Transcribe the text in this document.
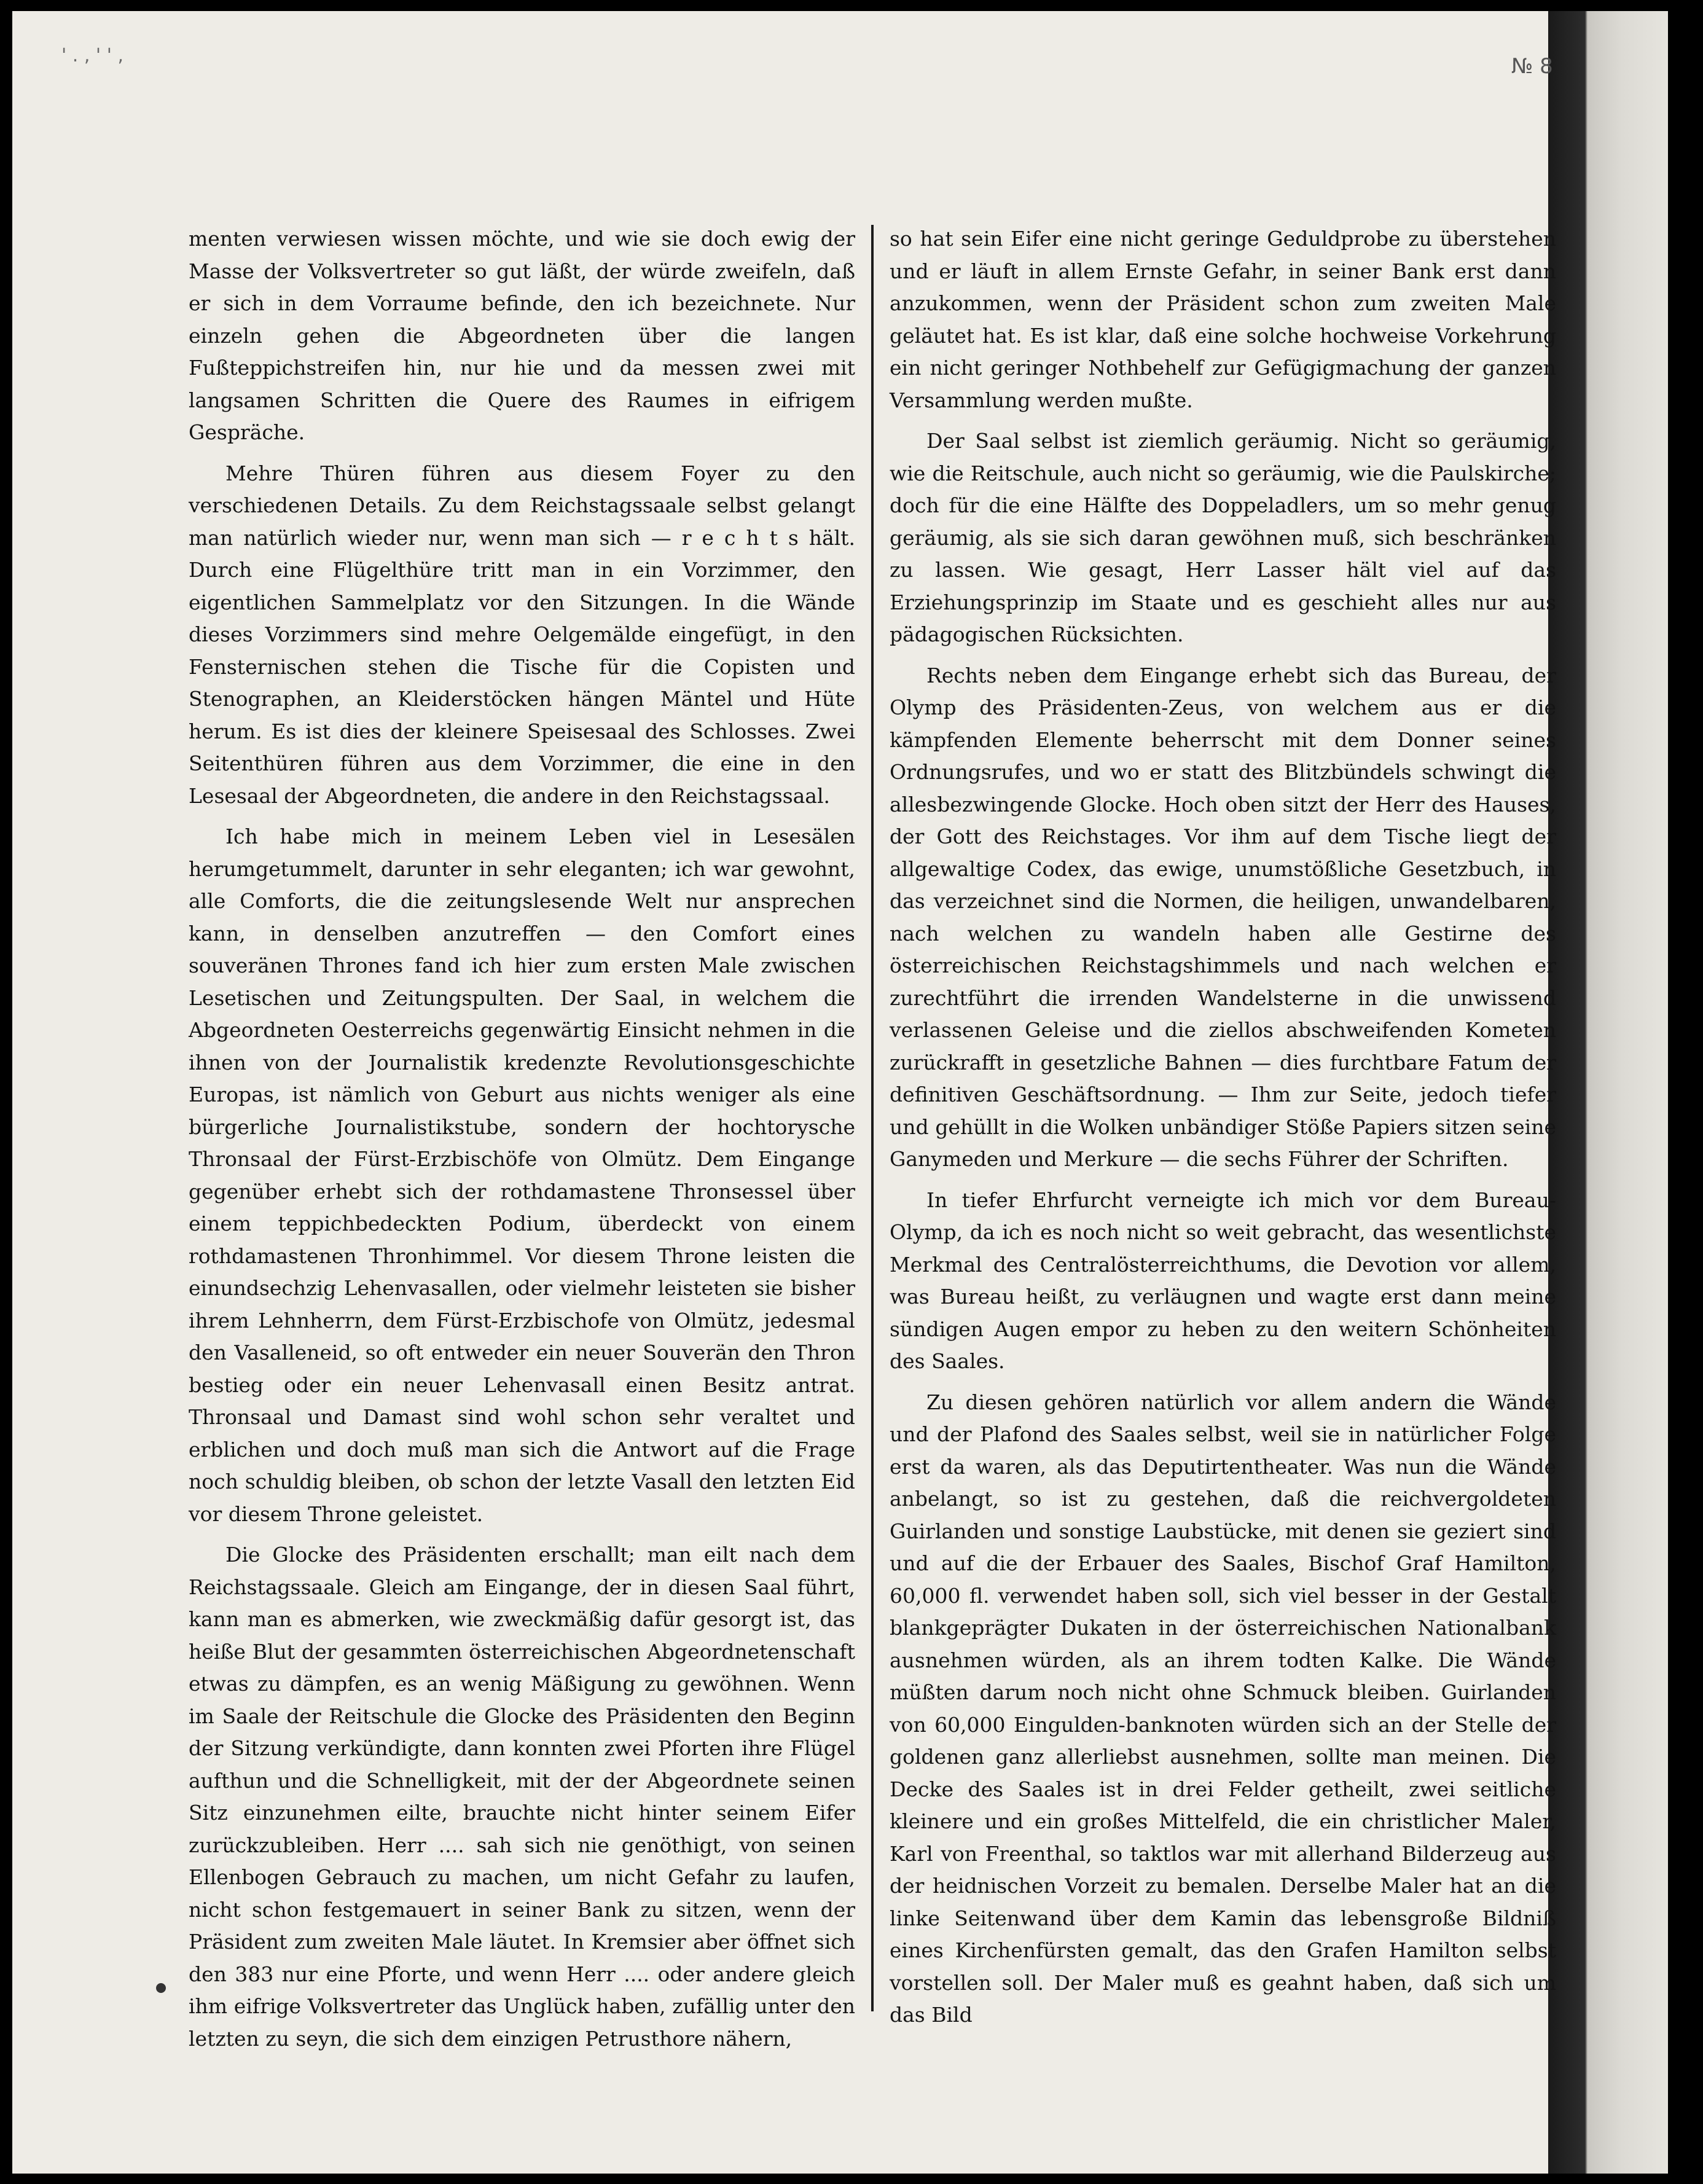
' . , ' ' ,	№ 8

menten verwiesen wissen möchte, und wie sie doch ewig der Masse der Volksvertreter so gut läßt, der würde zweifeln, daß er sich in dem Vorraume befinde, den ich bezeichnete. Nur einzeln gehen die Abgeordneten über die langen Fußteppichstreifen hin, nur hie und da messen zwei mit langsamen Schritten die Quere des Raumes in eifrigem Gespräche.

Mehre Thüren führen aus diesem Foyer zu den verschiedenen Details. Zu dem Reichstagssaale selbst gelangt man natürlich wieder nur, wenn man sich — r e c h t s hält. Durch eine Flügelthüre tritt man in ein Vorzimmer, den eigentlichen Sammelplatz vor den Sitzungen. In die Wände dieses Vorzimmers sind mehre Oelgemälde eingefügt, in den Fensternischen stehen die Tische für die Copisten und Stenographen, an Kleiderstöcken hängen Mäntel und Hüte herum. Es ist dies der kleinere Speisesaal des Schlosses. Zwei Seitenthüren führen aus dem Vorzimmer, die eine in den Lesesaal der Abgeordneten, die andere in den Reichstagssaal.

Ich habe mich in meinem Leben viel in Lesesälen herumgetummelt, darunter in sehr eleganten; ich war gewohnt, alle Comforts, die die zeitungslesende Welt nur ansprechen kann, in denselben anzutreffen — den Comfort eines souveränen Thrones fand ich hier zum ersten Male zwischen Lesetischen und Zeitungspulten. Der Saal, in welchem die Abgeordneten Oesterreichs gegenwärtig Einsicht nehmen in die ihnen von der Journalistik kredenzte Revolutionsgeschichte Europas, ist nämlich von Geburt aus nichts weniger als eine bürgerliche Journalistikstube, sondern der hochtorysche Thronsaal der Fürst-Erzbischöfe von Olmütz. Dem Eingange gegenüber erhebt sich der rothdamastene Thronsessel über einem teppichbedeckten Podium, überdeckt von einem rothdamastenen Thronhimmel. Vor diesem Throne leisten die einundsechzig Lehenvasallen, oder vielmehr leisteten sie bisher ihrem Lehnherrn, dem Fürst-Erzbischofe von Olmütz, jedesmal den Vasalleneid, so oft entweder ein neuer Souverän den Thron bestieg oder ein neuer Lehenvasall einen Besitz antrat. Thronsaal und Damast sind wohl schon sehr veraltet und erblichen und doch muß man sich die Antwort auf die Frage noch schuldig bleiben, ob schon der letzte Vasall den letzten Eid vor diesem Throne geleistet.

Die Glocke des Präsidenten erschallt; man eilt nach dem Reichstagssaale. Gleich am Eingange, der in diesen Saal führt, kann man es abmerken, wie zweckmäßig dafür gesorgt ist, das heiße Blut der gesammten österreichischen Abgeordnetenschaft etwas zu dämpfen, es an wenig Mäßigung zu gewöhnen. Wenn im Saale der Reitschule die Glocke des Präsidenten den Beginn der Sitzung verkündigte, dann konnten zwei Pforten ihre Flügel aufthun und die Schnelligkeit, mit der der Abgeordnete seinen Sitz einzunehmen eilte, brauchte nicht hinter seinem Eifer zurückzubleiben. Herr .... sah sich nie genöthigt, von seinen Ellenbogen Gebrauch zu machen, um nicht Gefahr zu laufen, nicht schon festgemauert in seiner Bank zu sitzen, wenn der Präsident zum zweiten Male läutet. In Kremsier aber öffnet sich den 383 nur eine Pforte, und wenn Herr .... oder andere gleich ihm eifrige Volksvertreter das Unglück haben, zufällig unter den letzten zu seyn, die sich dem einzigen Petrusthore nähern,

so hat sein Eifer eine nicht geringe Geduldprobe zu überstehen und er läuft in allem Ernste Gefahr, in seiner Bank erst dann anzukommen, wenn der Präsident schon zum zweiten Male geläutet hat. Es ist klar, daß eine solche hochweise Vorkehrung ein nicht geringer Nothbehelf zur Gefügigmachung der ganzen Versammlung werden mußte.

Der Saal selbst ist ziemlich geräumig. Nicht so geräumig, wie die Reitschule, auch nicht so geräumig, wie die Paulskirche; doch für die eine Hälfte des Doppeladlers, um so mehr genug geräumig, als sie sich daran gewöhnen muß, sich beschränken zu lassen. Wie gesagt, Herr Lasser hält viel auf das Erziehungsprinzip im Staate und es geschieht alles nur aus pädagogischen Rücksichten.

Rechts neben dem Eingange erhebt sich das Bureau, der Olymp des Präsidenten-Zeus, von welchem aus er die kämpfenden Elemente beherrscht mit dem Donner seines Ordnungsrufes, und wo er statt des Blitzbündels schwingt die allesbezwingende Glocke. Hoch oben sitzt der Herr des Hauses, der Gott des Reichstages. Vor ihm auf dem Tische liegt der allgewaltige Codex, das ewige, unumstößliche Gesetzbuch, in das verzeichnet sind die Normen, die heiligen, unwandelbaren, nach welchen zu wandeln haben alle Gestirne des österreichischen Reichstagshimmels und nach welchen er zurechtführt die irrenden Wandelsterne in die unwissend verlassenen Geleise und die ziellos abschweifenden Kometen zurückrafft in gesetzliche Bahnen — dies furchtbare Fatum der definitiven Geschäftsordnung. — Ihm zur Seite, jedoch tiefer und gehüllt in die Wolken unbändiger Stöße Papiers sitzen seine Ganymeden und Merkure — die sechs Führer der Schriften.

In tiefer Ehrfurcht verneigte ich mich vor dem Bureau-Olymp, da ich es noch nicht so weit gebracht, das wesentlichste Merkmal des Centralösterreichthums, die Devotion vor allem, was Bureau heißt, zu verläugnen und wagte erst dann meine sündigen Augen empor zu heben zu den weitern Schönheiten des Saales.

Zu diesen gehören natürlich vor allem andern die Wände und der Plafond des Saales selbst, weil sie in natürlicher Folge erst da waren, als das Deputirtentheater. Was nun die Wände anbelangt, so ist zu gestehen, daß die reichvergoldeten Guirlanden und sonstige Laubstücke, mit denen sie geziert sind und auf die der Erbauer des Saales, Bischof Graf Hamilton, 60,000 fl. verwendet haben soll, sich viel besser in der Gestalt blankgeprägter Dukaten in der österreichischen Nationalbank ausnehmen würden, als an ihrem todten Kalke. Die Wände müßten darum noch nicht ohne Schmuck bleiben. Guirlanden von 60,000 Eingulden-banknoten würden sich an der Stelle der goldenen ganz allerliebst ausnehmen, sollte man meinen. Die Decke des Saales ist in drei Felder getheilt, zwei seitliche kleinere und ein großes Mittelfeld, die ein christlicher Maler, Karl von Freenthal, so taktlos war mit allerhand Bilderzeug aus der heidnischen Vorzeit zu bemalen. Derselbe Maler hat an die linke Seitenwand über dem Kamin das lebensgroße Bildniß eines Kirchenfürsten gemalt, das den Grafen Hamilton selbst vorstellen soll. Der Maler muß es geahnt haben, daß sich um das Bild
